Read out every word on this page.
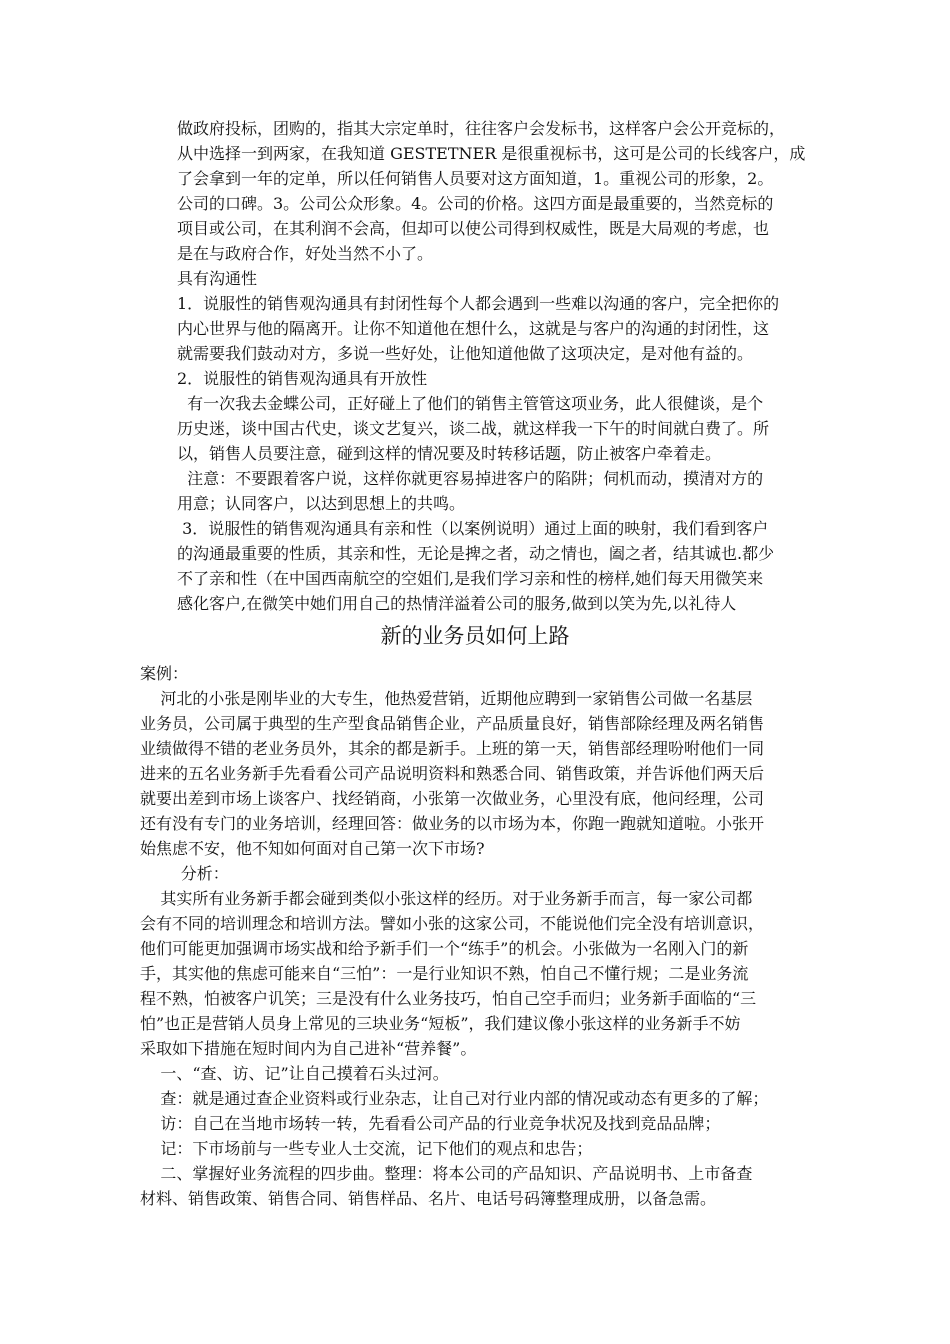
做政府投标，团购的，指其大宗定单时，往往客户会发标书，这样客户会公开竞标的，
从中选择一到两家，在我知道 GESTETNER 是很重视标书，这可是公司的长线客户，成
了会拿到一年的定单，所以任何销售人员要对这方面知道，1。重视公司的形象，2。
公司的口碑。3。公司公众形象。4。公司的价格。这四方面是最重要的，当然竞标的
项目或公司，在其利润不会高，但却可以使公司得到权威性，既是大局观的考虑，也
是在与政府合作，好处当然不小了。
具有沟通性
1．说服性的销售观沟通具有封闭性每个人都会遇到一些难以沟通的客户，完全把你的
内心世界与他的隔离开。让你不知道他在想什么，这就是与客户的沟通的封闭性，这
就需要我们鼓动对方，多说一些好处，让他知道他做了这项决定，是对他有益的。
2．说服性的销售观沟通具有开放性
有一次我去金蝶公司，正好碰上了他们的销售主管管这项业务，此人很健谈，是个
历史迷，谈中国古代史，谈文艺复兴，谈二战，就这样我一下午的时间就白费了。所
以，销售人员要注意，碰到这样的情况要及时转移话题，防止被客户牵着走。
注意：不要跟着客户说，这样你就更容易掉进客户的陷阱；伺机而动，摸清对方的
用意；认同客户，以达到思想上的共鸣。
3．说服性的销售观沟通具有亲和性（以案例说明）通过上面的映射，我们看到客户
的沟通最重要的性质，其亲和性，无论是捭之者，动之情也，阖之者，结其诚也.都少
不了亲和性（在中国西南航空的空姐们,是我们学习亲和性的榜样,她们每天用微笑来
感化客户,在微笑中她们用自己的热情洋溢着公司的服务,做到以笑为先,以礼待人
新的业务员如何上路
案例：
河北的小张是刚毕业的大专生，他热爱营销，近期他应聘到一家销售公司做一名基层
业务员，公司属于典型的生产型食品销售企业，产品质量良好，销售部除经理及两名销售
业绩做得不错的老业务员外，其余的都是新手。上班的第一天，销售部经理吩咐他们一同
进来的五名业务新手先看看公司产品说明资料和熟悉合同、销售政策，并告诉他们两天后
就要出差到市场上谈客户、找经销商，小张第一次做业务，心里没有底，他问经理，公司
还有没有专门的业务培训，经理回答：做业务的以市场为本，你跑一跑就知道啦。小张开
始焦虑不安，他不知如何面对自己第一次下市场?
分析：
其实所有业务新手都会碰到类似小张这样的经历。对于业务新手而言，每一家公司都
会有不同的培训理念和培训方法。譬如小张的这家公司，不能说他们完全没有培训意识，
他们可能更加强调市场实战和给予新手们一个“练手”的机会。小张做为一名刚入门的新
手，其实他的焦虑可能来自“三怕”：一是行业知识不熟，怕自己不懂行规；二是业务流
程不熟，怕被客户讥笑；三是没有什么业务技巧，怕自己空手而归；业务新手面临的“三
怕”也正是营销人员身上常见的三块业务“短板”，我们建议像小张这样的业务新手不妨
采取如下措施在短时间内为自己进补“营养餐”。
一、“查、访、记”让自己摸着石头过河。
查：就是通过查企业资料或行业杂志，让自己对行业内部的情况或动态有更多的了解；
访：自己在当地市场转一转，先看看公司产品的行业竞争状况及找到竞品品牌；
记：下市场前与一些专业人士交流，记下他们的观点和忠告；
二、掌握好业务流程的四步曲。整理：将本公司的产品知识、产品说明书、上市备查
材料、销售政策、销售合同、销售样品、名片、电话号码簿整理成册，以备急需。
